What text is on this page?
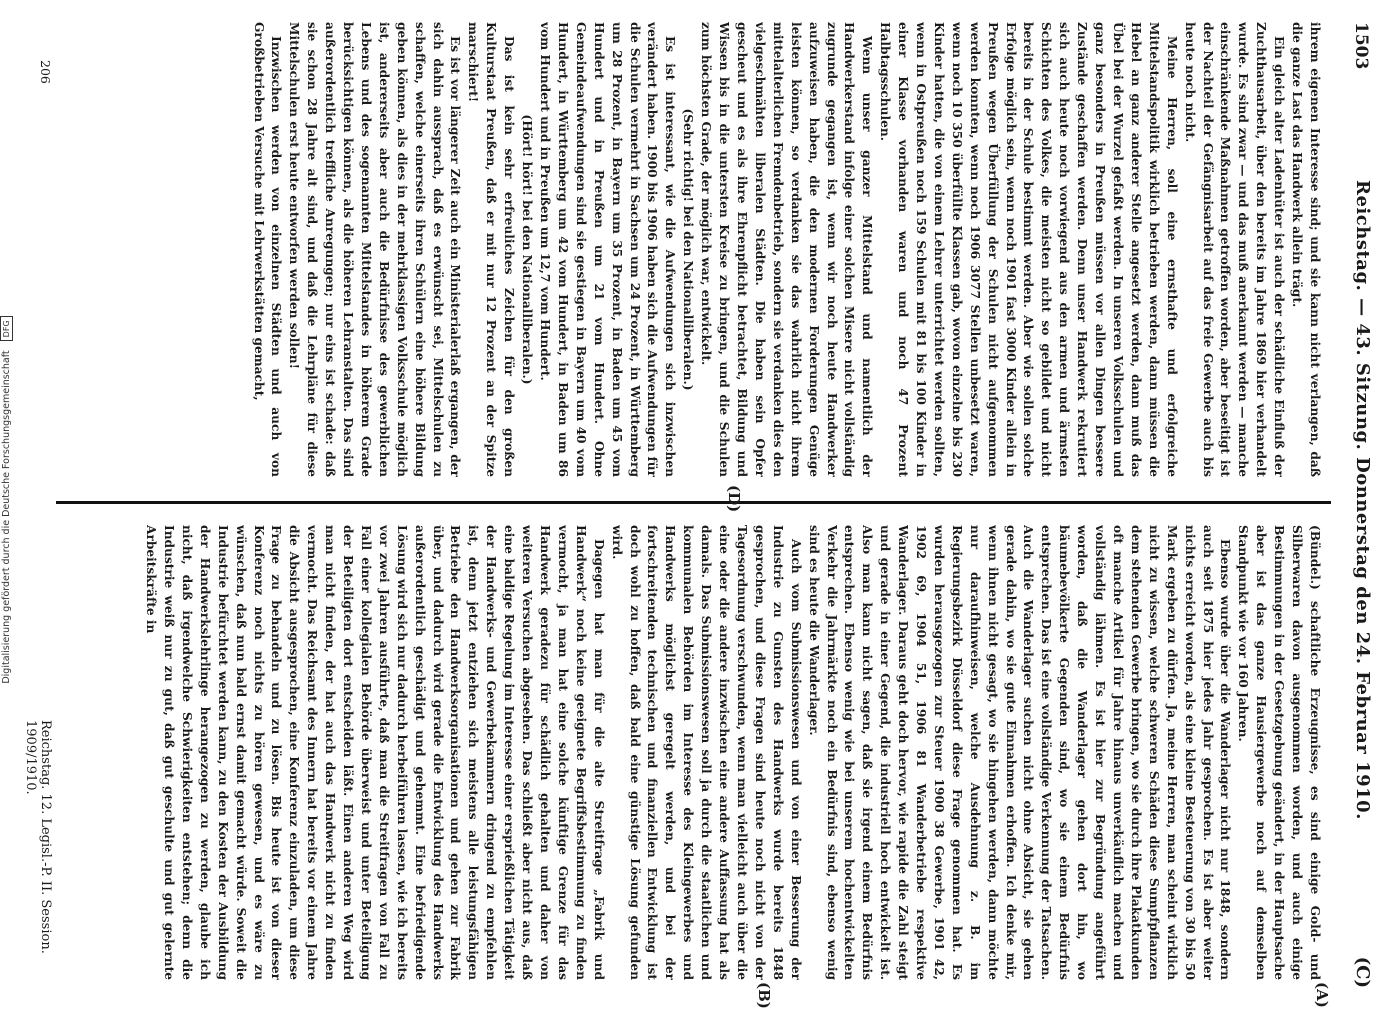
1503
Reichstag. — 43. Sitzung. Donnerstag den 24. Februar 1910.
(C)

ihrem eigenen Interesse sind; und sie kann nicht verlangen, daß die ganze Last das Handwerk allein trägt.

Ein gleich alter Ladenhüter ist auch der schädliche Einfluß der Zuchthausarbeit, über den bereits im Jahre 1869 hier verhandelt wurde. Es sind zwar — und das muß anerkannt werden — manche einschränkende Maßnahmen getroffen worden, aber beseitigt ist der Nachteil der Gefängnisarbeit auf das freie Gewerbe auch bis heute noch nicht.

Meine Herren, soll eine ernsthafte und erfolgreiche Mittelstandspolitik wirklich betrieben werden, dann müssen die Hebel an ganz anderer Stelle angesetzt werden, dann muß das Übel bei der Wurzel gefaßt werden. In unseren Volksschulen und ganz besonders in Preußen müssen vor allen Dingen bessere Zustände geschaffen werden. Denn unser Handwerk rekrutiert sich auch heute noch vorwiegend aus den armen und ärmsten Schichten des Volkes, die meisten nicht so gebildet und nicht bereits in der Schule bestimmt werden. Aber wie sollen solche Erfolge möglich sein, wenn noch 1901 fast 3000 Kinder allein in Preußen wegen Überfüllung der Schulen nicht aufgenommen werden konnten, wenn noch 1906 3077 Stellen unbesetzt waren, wenn noch 10 350 überfüllte Klassen gab, wovon einzelne bis 230 Kinder hatten, die von einem Lehrer unterrichtet werden sollten, wenn in Ostpreußen noch 159 Schulen mit 81 bis 100 Kinder in einer Klasse vorhanden waren und noch 47 Prozent Halbtagsschulen.

Wenn unser ganzer Mittelstand und namentlich der Handwerkerstand infolge einer solchen Misere nicht vollständig zugrunde gegangen ist, wenn wir noch heute Handwerker aufzuweisen haben, die den modernen Forderungen Genüge leisten können, so verdanken sie das wahrlich nicht ihrem mittelalterlichen Fremdenbetrieb, sondern sie verdanken dies den vielgeschmähten liberalen Städten. Die haben sein Opfer gescheut und es als ihre Ehrenpflicht betrachtet, Bildung und Wissen bis in die untersten Kreise zu bringen, und die Schulen zum höchsten Grade, der möglich war, entwickelt.

(Sehr richtig! bei den Nationalliberalen.)

Es ist interessant, wie die Aufwendungen sich inzwischen verändert haben. 1900 bis 1906 haben sich die Aufwendungen für die Schulen vermehrt in Sachsen um 24 Prozent, in Württemberg um 28 Prozent, in Bayern um 35 Prozent, in Baden um 45 vom Hundert und in Preußen um 21 vom Hundert. Ohne Gemeindeaufwendungen sind sie gestiegen in Bayern um 40 vom Hundert, in Württemberg um 42 vom Hundert, in Baden um 86 vom Hundert und in Preußen um 12,7 vom Hundert.

(Hört! hört! bei den Nationalliberalen.)

Das ist kein sehr erfreuliches Zeichen für den großen Kulturstaat Preußen, daß er mit nur 12 Prozent an der Spitze marschiert!

Es ist vor längerer Zeit auch ein Ministerialerlaß ergangen, der sich dahin aussprach, daß es erwünscht sei, Mittelschulen zu schaffen, welche einerseits ihren Schülern eine höhere Bildung geben können, als dies in der mehrklassigen Volksschule möglich ist, andererseits aber auch die Bedürfnisse des gewerblichen Lebens und des sogenannten Mittelstandes in höherem Grade berücksichtigen können, als die höheren Lehranstalten. Das sind außerordentlich treffliche Anregungen; nur eins ist schade: daß sie schon 28 Jahre alt sind, und daß die Lehrpläne für diese Mittelschulen erst heute entworfen werden sollen!

Inzwischen werden von einzelnen Städten und auch von Großbetrieben Versuche mit Lehrwerkstätten gemacht,

(A)
(B)
(D)

(Bündel.) schaftliche Erzeugnisse, es sind einige Gold- und Silberwaren davon ausgenommen worden, und auch einige Bestimmungen in der Gesetzgebung geändert, in der Hauptsache aber ist das ganze Hausiergewerbe noch auf demselben Standpunkt wie vor 160 Jahren.

Ebenso wurde über die Wanderlager nicht nur 1848, sondern auch seit 1875 hier jedes Jahr gesprochen. Es ist aber weiter nichts erreicht worden, als eine kleine Besteuerung von 30 bis 50 Mark ergeben zu dürfen. Ja, meine Herren, man scheint wirklich nicht zu wissen, welche schweren Schäden diese Sumpfpflanzen dem stehenden Gewerbe bringen, wo sie durch ihre Plakatkunden oft manche Artikel für Jahre hinaus unverkäuflich machen und vollständig lähmen. Es ist hier zur Begründung angeführt worden, daß die Wanderlager gehen dort hin, wo bäumebevölkerte Gegenden sind, wo sie einem Bedürfnis entsprechen. Das ist eine vollständige Verkennung der Tatsachen. Auch die Wanderlager suchen nicht ohne Absicht, sie gehen gerade dahin, wo sie gute Einnahmen erhoffen. Ich denke mir, wenn ihnen nicht gesagt, wo sie hingehen werden, dann möchte nur daraufhinweisen, welche Ausdehnung z. B. im Regierungsbezirk Düsseldorf diese Frage genommen hat. Es wurden herausgezogen zur Steuer 1900 38 Gewerbe, 1901 42, 1902 69, 1904 51, 1906 81 Wanderbetriebe respektive Wanderlager. Daraus geht doch hervor, wie rapide die Zahl steigt und gerade in einer Gegend, die industriell hoch entwickelt ist. Also man kann nicht sagen, daß sie irgend einem Bedürfnis entsprechen. Ebenso wenig wie bei unserem hochentwickelten Verkehr die Jahrmärkte noch ein Bedürfnis sind, ebenso wenig sind es heute die Wanderlager.

Auch vom Submissionswesen und von einer Besserung der Industrie zu Gunsten des Handwerks wurde bereits 1848 gesprochen, und diese Fragen sind heute noch nicht von der Tagesordnung verschwunden, wenn man vielleicht auch über die eine oder die andere inzwischen eine andere Auffassung hat als damals. Das Submissionswesen soll ja durch die staatlichen und kommunalen Behörden im Interesse des Kleingewerbes und Handwerks möglichst geregelt werden, und bei der fortschreitenden technischen und finanziellen Entwicklung ist doch wohl zu hoffen, daß bald eine günstige Lösung gefunden wird.

Dagegen hat man für die alte Streitfrage „Fabrik und Handwerk“ noch keine geeignete Begriffsbestimmung zu finden vermocht, ja man hat eine solche künftige Grenze für das Handwerk geradezu für schädlich gehalten und daher von weiteren Versuchen abgesehen. Das schließt aber nicht aus, daß eine baldige Regelung im Interesse einer ersprießlichen Tätigkeit der Handwerks- und Gewerbekammern dringend zu empfehlen ist, denn jetzt entziehen sich meistens alle leistungsfähigen Betriebe den Handwerksorganisationen und gehen zur Fabrik über, und dadurch wird gerade die Entwicklung des Handwerks außerordentlich geschädigt und gehemmt. Eine befriedigende Lösung wird sich nur dadurch herbeiführen lassen, wie ich bereits vor zwei Jahren ausführte, daß man die Streitfragen von Fall zu Fall einer kollegialen Behörde überweist und unter Beteiligung der Beteiligten dort entscheiden läßt. Einen anderen Weg wird man nicht finden, der hat auch das Handwerk nicht zu finden vermocht. Das Reichsamt des Innern hat bereits vor einem Jahre die Absicht ausgesprochen, eine Konferenz einzuladen, um diese Frage zu behandeln und zu lösen. Bis heute ist von dieser Konferenz noch nichts zu hören gewesen, und es wäre zu wünschen, daß nun bald ernst damit gemacht würde. Soweit die Industrie befürchtet werden kann, zu den Kosten der Ausbildung der Handwerkslehrlinge herangezogen zu werden, glaube ich nicht, daß irgendwelche Schwierigkeiten entstehen; denn die Industrie weiß nur zu gut, daß gut geschulte und gut gelernte Arbeitskräfte in

206
Reichstag. 12. Legisl.-P. II. Session. 1909/1910.
Digitalisierung gefördert durch die Deutsche Forschungsgemeinschaft DFG
